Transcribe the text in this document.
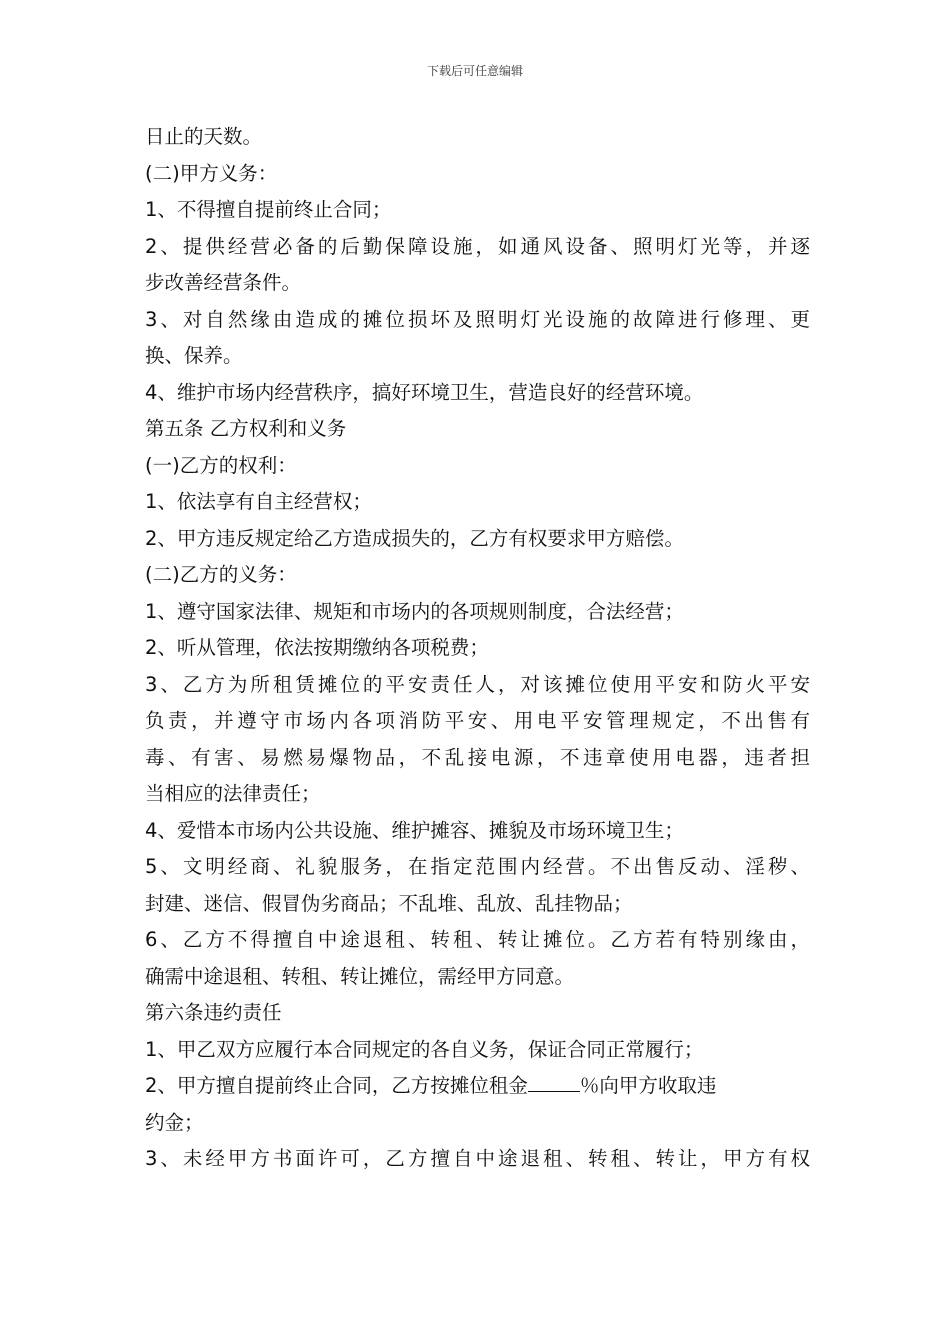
下载后可任意编辑
日止的天数。
(二)甲方义务：
1、不得擅自提前终止合同；
2、提供经营必备的后勤保障设施，如通风设备、照明灯光等，并逐
步改善经营条件。
3、对自然缘由造成的摊位损坏及照明灯光设施的故障进行修理、更
换、保养。
4、维护市场内经营秩序，搞好环境卫生，营造良好的经营环境。
第五条 乙方权利和义务
(一)乙方的权利：
1、依法享有自主经营权；
2、甲方违反规定给乙方造成损失的，乙方有权要求甲方赔偿。
(二)乙方的义务：
1、遵守国家法律、规矩和市场内的各项规则制度，合法经营；
2、听从管理，依法按期缴纳各项税费；
3、乙方为所租赁摊位的平安责任人，对该摊位使用平安和防火平安
负责，并遵守市场内各项消防平安、用电平安管理规定，不出售有
毒、有害、易燃易爆物品，不乱接电源，不违章使用电器，违者担
当相应的法律责任；
4、爱惜本市场内公共设施、维护摊容、摊貌及市场环境卫生；
5、文明经商、礼貌服务，在指定范围内经营。不出售反动、淫秽、
封建、迷信、假冒伪劣商品；不乱堆、乱放、乱挂物品；
6、乙方不得擅自中途退租、转租、转让摊位。乙方若有特别缘由，
确需中途退租、转租、转让摊位，需经甲方同意。
第六条违约责任
1、甲乙双方应履行本合同规定的各自义务，保证合同正常履行；
2、甲方擅自提前终止合同，乙方按摊位租金	％向甲方收取违
约金；
3、未经甲方书面许可，乙方擅自中途退租、转租、转让，甲方有权
